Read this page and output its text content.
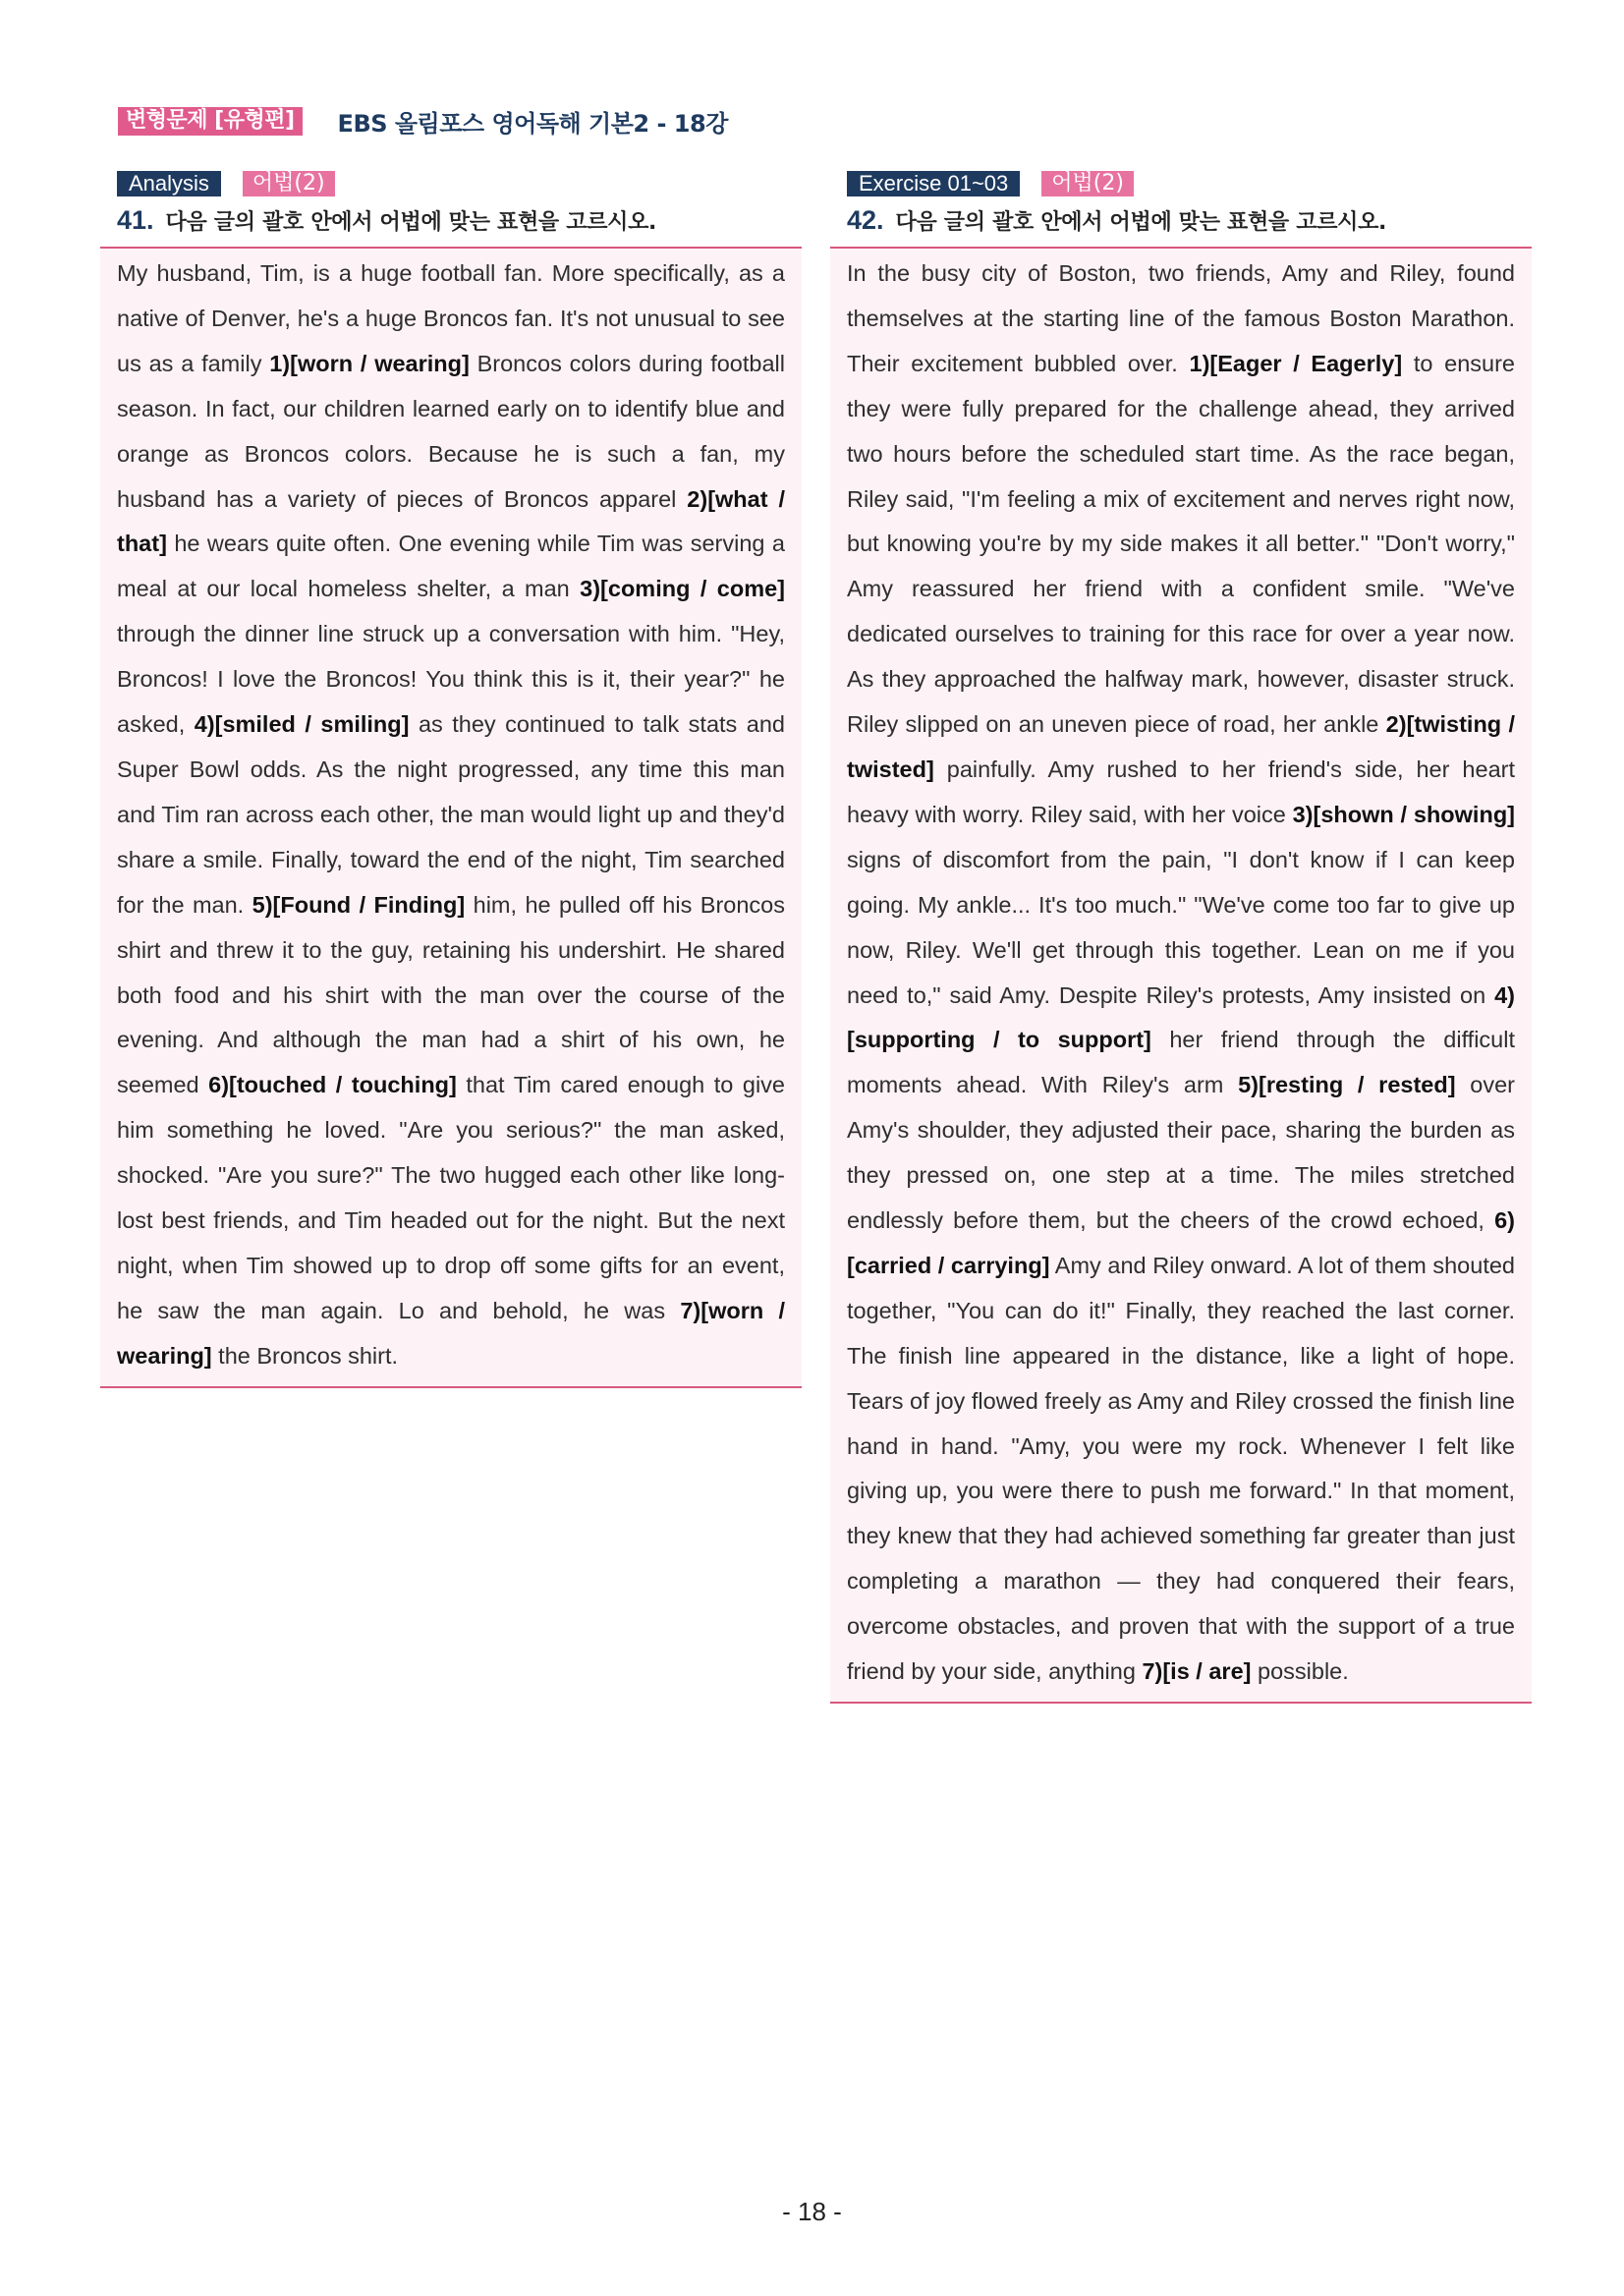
변형문제 [유형편]	EBS 올림포스 영어독해 기본2 - 18강
Analysis	어법(2)
41. 다음 글의 괄호 안에서 어법에 맞는 표현을 고르시오.

My husband, Tim, is a huge football fan. More specifically, as a native of Denver, he's a huge Broncos fan. It's not unusual to see us as a family 1)[worn / wearing] Broncos colors during football season. In fact, our children learned early on to identify blue and orange as Broncos colors. Because he is such a fan, my husband has a variety of pieces of Broncos apparel 2)[what / that] he wears quite often. One evening while Tim was serving a meal at our local homeless shelter, a man 3)[coming / come] through the dinner line struck up a conversation with him. "Hey, Broncos! I love the Broncos! You think this is it, their year?" he asked, 4)[smiled / smiling] as they continued to talk stats and Super Bowl odds. As the night progressed, any time this man and Tim ran across each other, the man would light up and they'd share a smile. Finally, toward the end of the night, Tim searched for the man. 5)[Found / Finding] him, he pulled off his Broncos shirt and threw it to the guy, retaining his undershirt. He shared both food and his shirt with the man over the course of the evening. And although the man had a shirt of his own, he seemed 6)[touched / touching] that Tim cared enough to give him something he loved. "Are you serious?" the man asked, shocked. "Are you sure?" The two hugged each other like long-lost best friends, and Tim headed out for the night. But the next night, when Tim showed up to drop off some gifts for an event, he saw the man again. Lo and behold, he was 7)[worn / wearing] the Broncos shirt.

Exercise 01~03	어법(2)
42. 다음 글의 괄호 안에서 어법에 맞는 표현을 고르시오.

In the busy city of Boston, two friends, Amy and Riley, found themselves at the starting line of the famous Boston Marathon. Their excitement bubbled over. 1)[Eager / Eagerly] to ensure they were fully prepared for the challenge ahead, they arrived two hours before the scheduled start time. As the race began, Riley said, "I'm feeling a mix of excitement and nerves right now, but knowing you're by my side makes it all better." "Don't worry," Amy reassured her friend with a confident smile. "We've dedicated ourselves to training for this race for over a year now. As they approached the halfway mark, however, disaster struck. Riley slipped on an uneven piece of road, her ankle 2)[twisting / twisted] painfully. Amy rushed to her friend's side, her heart heavy with worry. Riley said, with her voice 3)[shown / showing] signs of discomfort from the pain, "I don't know if I can keep going. My ankle... It's too much." "We've come too far to give up now, Riley. We'll get through this together. Lean on me if you need to," said Amy. Despite Riley's protests, Amy insisted on 4)[supporting / to support] her friend through the difficult moments ahead. With Riley's arm 5)[resting / rested] over Amy's shoulder, they adjusted their pace, sharing the burden as they pressed on, one step at a time. The miles stretched endlessly before them, but the cheers of the crowd echoed, 6)[carried / carrying] Amy and Riley onward. A lot of them shouted together, "You can do it!" Finally, they reached the last corner. The finish line appeared in the distance, like a light of hope. Tears of joy flowed freely as Amy and Riley crossed the finish line hand in hand. "Amy, you were my rock. Whenever I felt like giving up, you were there to push me forward." In that moment, they knew that they had achieved something far greater than just completing a marathon — they had conquered their fears, overcome obstacles, and proven that with the support of a true friend by your side, anything 7)[is / are] possible.

- 18 -
